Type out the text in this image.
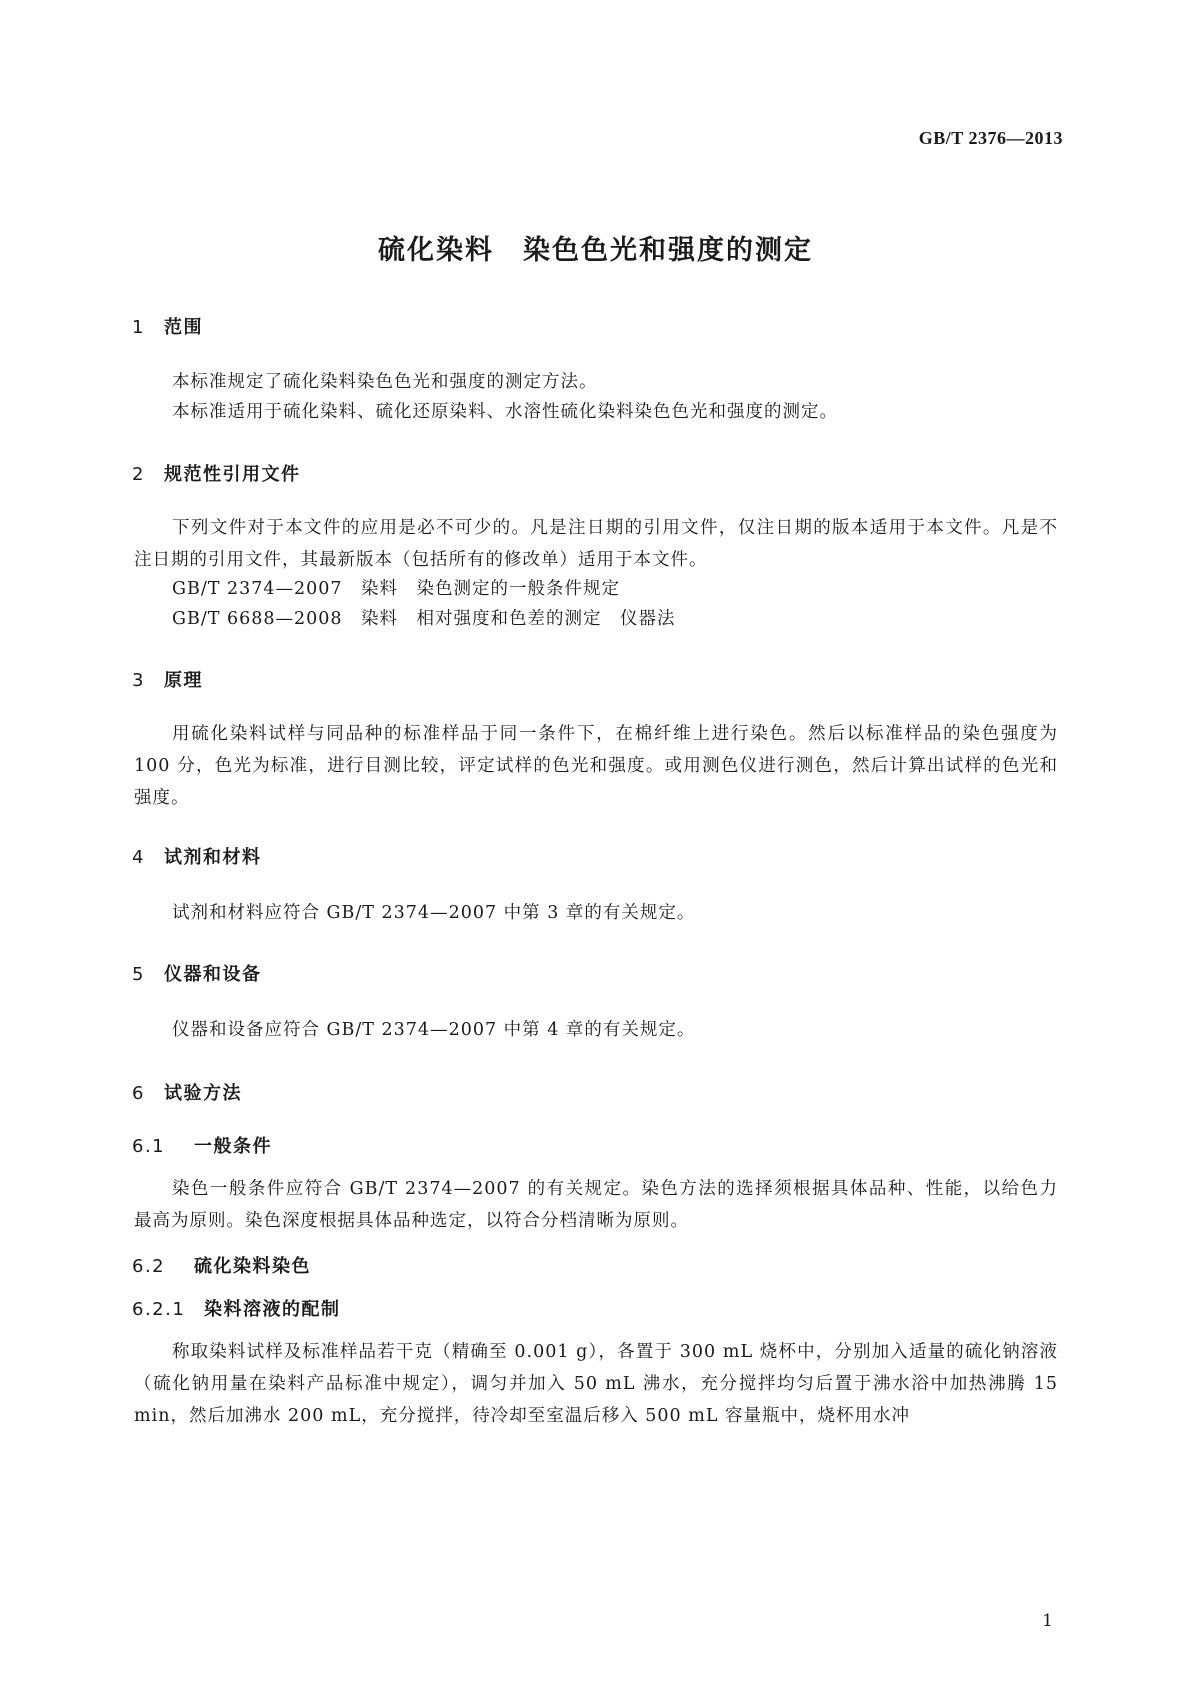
GB/T 2376—2013
硫化染料　染色色光和强度的测定
1 范围
本标准规定了硫化染料染色色光和强度的测定方法。
本标准适用于硫化染料、硫化还原染料、水溶性硫化染料染色色光和强度的测定。
2 规范性引用文件
下列文件对于本文件的应用是必不可少的。凡是注日期的引用文件，仅注日期的版本适用于本文件。凡是不注日期的引用文件，其最新版本（包括所有的修改单）适用于本文件。
GB/T 2374—2007　染料　染色测定的一般条件规定
GB/T 6688—2008　染料　相对强度和色差的测定　仪器法
3 原理
用硫化染料试样与同品种的标准样品于同一条件下，在棉纤维上进行染色。然后以标准样品的染色强度为 100 分，色光为标准，进行目测比较，评定试样的色光和强度。或用测色仪进行测色，然后计算出试样的色光和强度。
4 试剂和材料
试剂和材料应符合 GB/T 2374—2007 中第 3 章的有关规定。
5 仪器和设备
仪器和设备应符合 GB/T 2374—2007 中第 4 章的有关规定。
6 试验方法
6.1 一般条件
染色一般条件应符合 GB/T 2374—2007 的有关规定。染色方法的选择须根据具体品种、性能，以给色力最高为原则。染色深度根据具体品种选定，以符合分档清晰为原则。
6.2 硫化染料染色
6.2.1 染料溶液的配制
称取染料试样及标准样品若干克（精确至 0.001 g），各置于 300 mL 烧杯中，分别加入适量的硫化钠溶液（硫化钠用量在染料产品标准中规定），调匀并加入 50 mL 沸水，充分搅拌均匀后置于沸水浴中加热沸腾 15 min，然后加沸水 200 mL，充分搅拌，待冷却至室温后移入 500 mL 容量瓶中，烧杯用水冲
1
